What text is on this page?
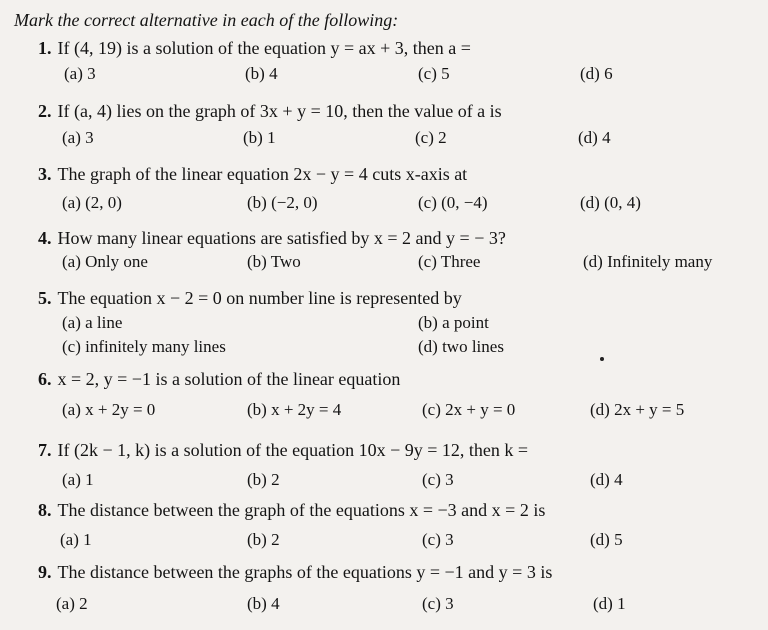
Mark the correct alternative in each of the following:
1. If (4, 19) is a solution of the equation y = ax + 3, then a =
(a) 3	(b) 4	(c) 5	(d) 6
2. If (a, 4) lies on the graph of 3x + y = 10, then the value of a is
(a) 3	(b) 1	(c) 2	(d) 4
3. The graph of the linear equation 2x − y = 4 cuts x-axis at
(a) (2, 0)	(b) (−2, 0)	(c) (0, −4)	(d) (0, 4)
4. How many linear equations are satisfied by x = 2 and y = − 3?
(a) Only one	(b) Two	(c) Three	(d) Infinitely many
5. The equation x − 2 = 0 on number line is represented by
(a) a line	(b) a point
(c) infinitely many lines	(d) two lines
6. x = 2, y = −1 is a solution of the linear equation
(a) x + 2y = 0	(b) x + 2y = 4	(c) 2x + y = 0	(d) 2x + y = 5
7. If (2k − 1, k) is a solution of the equation 10x − 9y = 12, then k =
(a) 1	(b) 2	(c) 3	(d) 4
8. The distance between the graph of the equations x = −3 and x = 2 is
(a) 1	(b) 2	(c) 3	(d) 5
9. The distance between the graphs of the equations y = −1 and y = 3 is
(a) 2	(b) 4	(c) 3	(d) 1
